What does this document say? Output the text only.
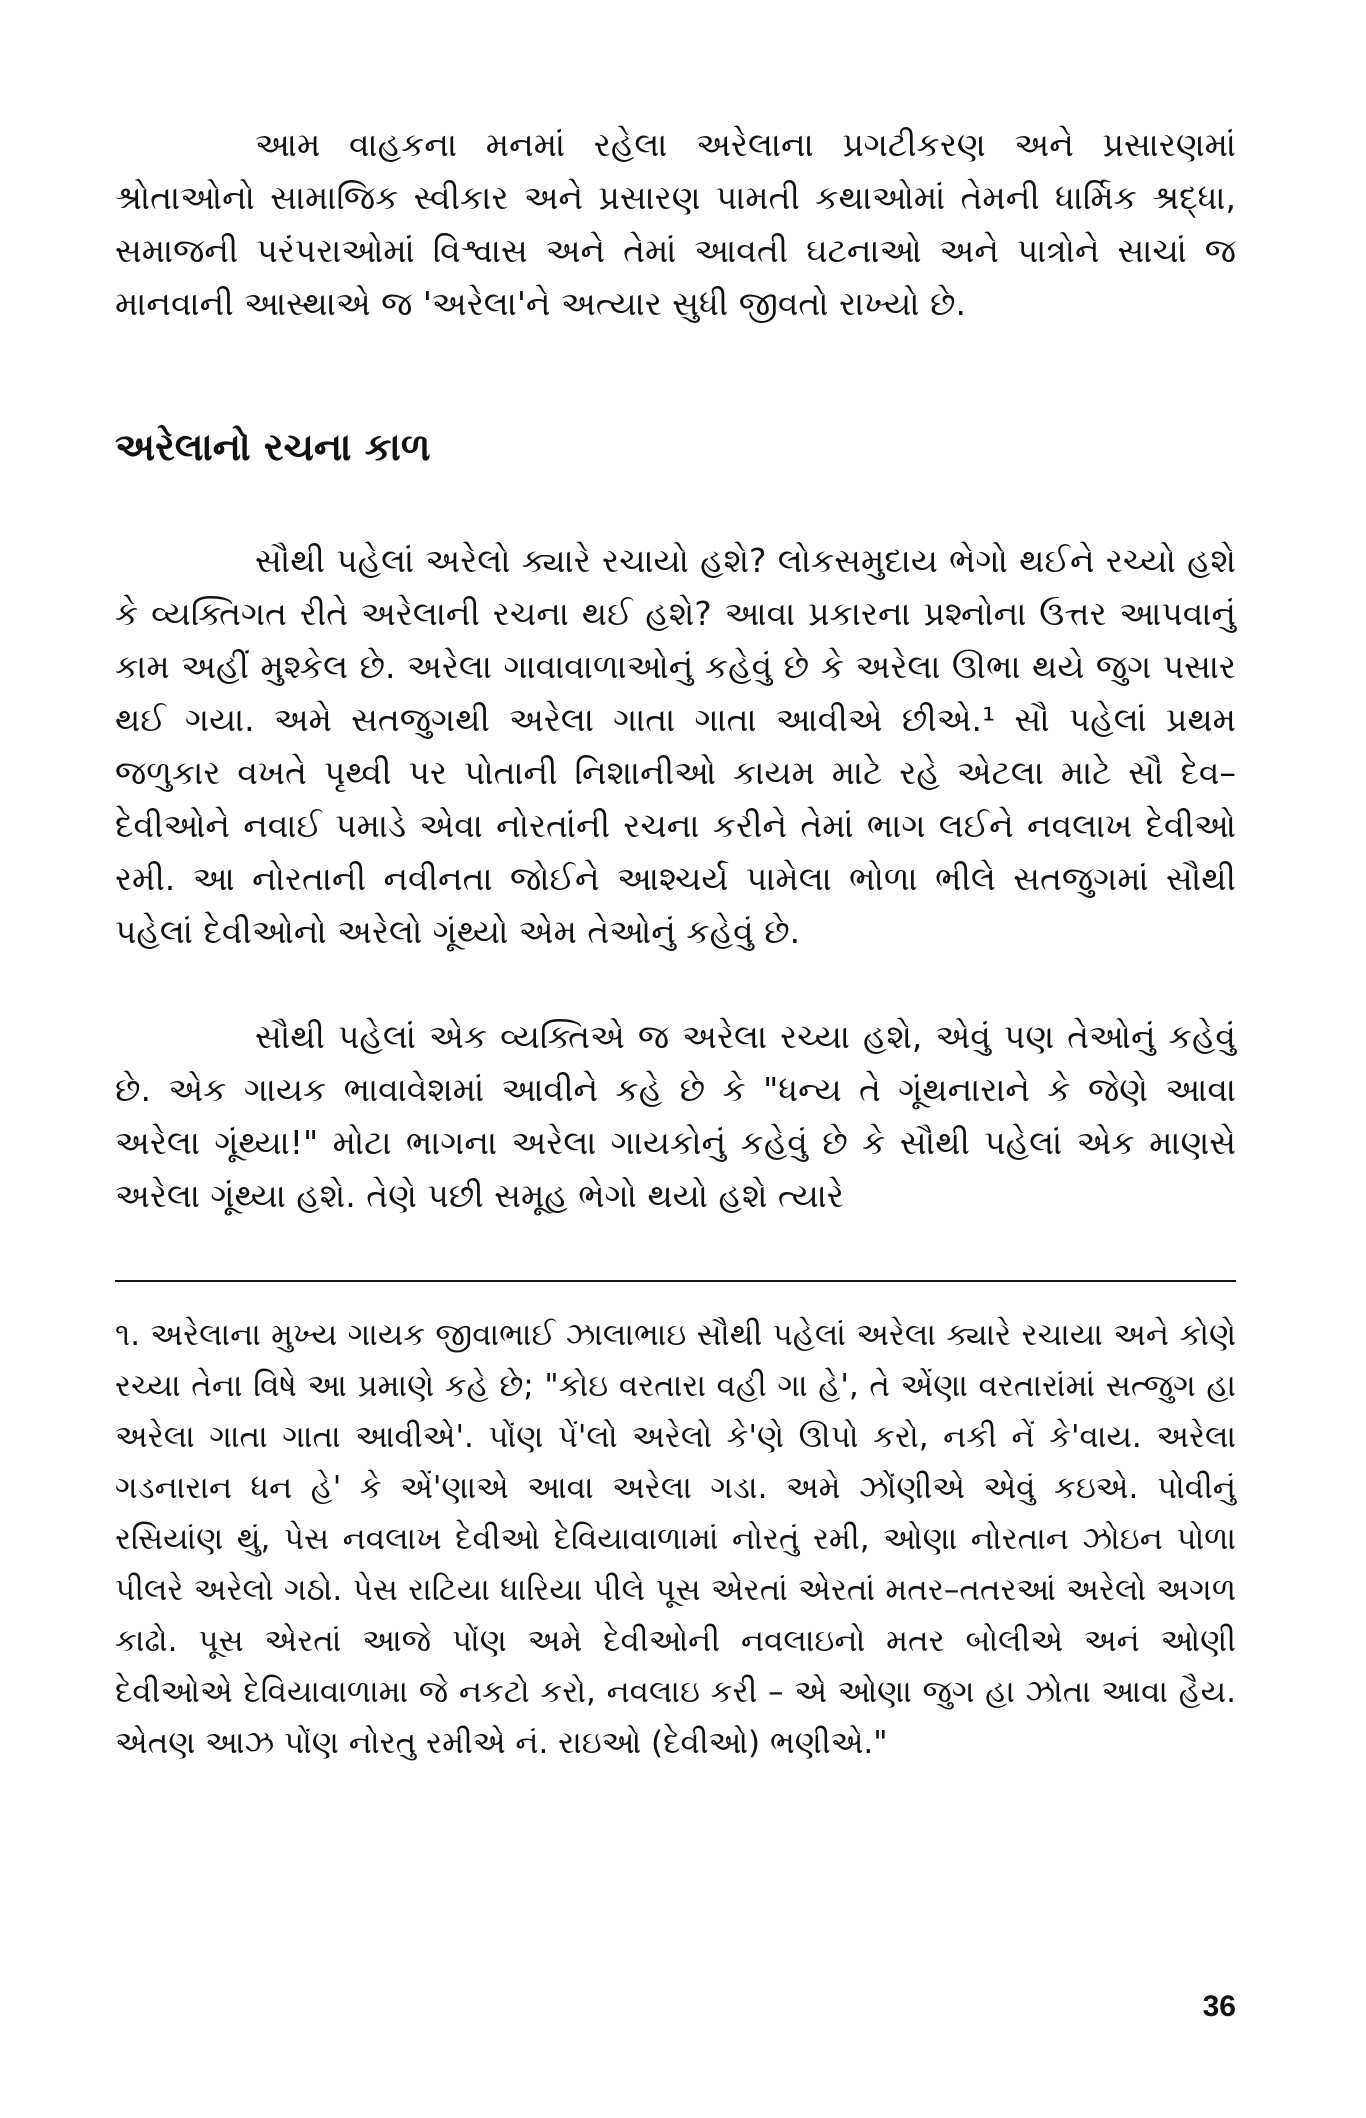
આમ વાહકના મનમાં રહેલા અરેલાના પ્રગટીકરણ અને પ્રસારણમાં શ્રોતાઓનો સામાજિક સ્વીકાર અને પ્રસારણ પામતી કથાઓમાં તેમની ધાર્મિક શ્રદ્ધા, સમાજની પરંપરાઓમાં વિશ્વાસ અને તેમાં આવતી ઘટનાઓ અને પાત્રોને સાચાં જ માનવાની આસ્થાએ જ 'અરેલા'ને અત્યાર સુધી જીવતો રાખ્યો છે.

અરેલાનો રચના કાળ

સૌથી પહેલાં અરેલો ક્યારે રચાયો હશે? લોકસમુદાય ભેગો થઈને રચ્યો હશે કે વ્યક્તિગત રીતે અરેલાની રચના થઈ હશે? આવા પ્રકારના પ્રશ્નોના ઉત્તર આપવાનું કામ અહીં મુશ્કેલ છે. અરેલા ગાવાવાળાઓનું કહેવું છે કે અરેલા ઊભા થયે જુગ પસાર થઈ ગયા. અમે સતજુગથી અરેલા ગાતા ગાતા આવીએ છીએ.¹ સૌ પહેલાં પ્રથમ જળુકાર વખતે પૃથ્વી પર પોતાની નિશાનીઓ કાયમ માટે રહે એટલા માટે સૌ દેવ–દેવીઓને નવાઈ પમાડે એવા નોરતાંની રચના કરીને તેમાં ભાગ લઈને નવલાખ દેવીઓ રમી. આ નોરતાની નવીનતા જોઈને આશ્ચર્ય પામેલા ભોળા ભીલે સતજુગમાં સૌથી પહેલાં દેવીઓનો અરેલો ગૂંથ્યો એમ તેઓનું કહેવું છે.

સૌથી પહેલાં એક વ્યક્તિએ જ અરેલા રચ્યા હશે, એવું પણ તેઓનું કહેવું છે. એક ગાયક ભાવાવેશમાં આવીને કહે છે કે "ધન્ય તે ગૂંથનારાને કે જેણે આવા અરેલા ગૂંથ્યા!" મોટા ભાગના અરેલા ગાયકોનું કહેવું છે કે સૌથી પહેલાં એક માણસે અરેલા ગૂંથ્યા હશે. તેણે પછી સમૂહ ભેગો થયો હશે ત્યારે

૧. અરેલાના મુખ્ય ગાયક જીવાભાઈ ઝાલાભાઇ સૌથી પહેલાં અરેલા ક્યારે રચાયા અને કોણે રચ્યા તેના વિષે આ પ્રમાણે કહે છે; "કોઇ વરતારા વહી ગા હે', તે એંણા વરતારાંમાં સત્જુગ હા અરેલા ગાતા ગાતા આવીએ'. પોંણ પેં'લો અરેલો કે'ણે ઊપો કરો, નકી નેં કે'વાય. અરેલા ગડનારાન ધન હે' કે એં'ણાએ આવા અરેલા ગડા. અમે ઝોંણીએ એવું કઇએ. પોવીનું રસિયાંણ થું, પેસ નવલાખ દેવીઓ દેવિયાવાળામાં નોરતું રમી, ઓણા નોરતાન ઝોઇન પોળા પીલરે અરેલો ગઠો. પેસ રાટિયા ધારિયા પીલે પૂસ એરતાં એરતાં મતર–તતરઆં અરેલો અગળ કાઢો. પૂસ એરતાં આજે પોંણ અમે દેવીઓની નવલાઇનો મતર બોલીએ અનં ઓણી દેવીઓએ દેવિયાવાળામા જે નકટો કરો, નવલાઇ કરી – એ ઓણા જુગ હા ઝોતા આવા હૈય. એતણ આઝ પોંણ નોરતુ રમીએ નં. રાઇઓ (દેવીઓ) ભણીએ."

36
